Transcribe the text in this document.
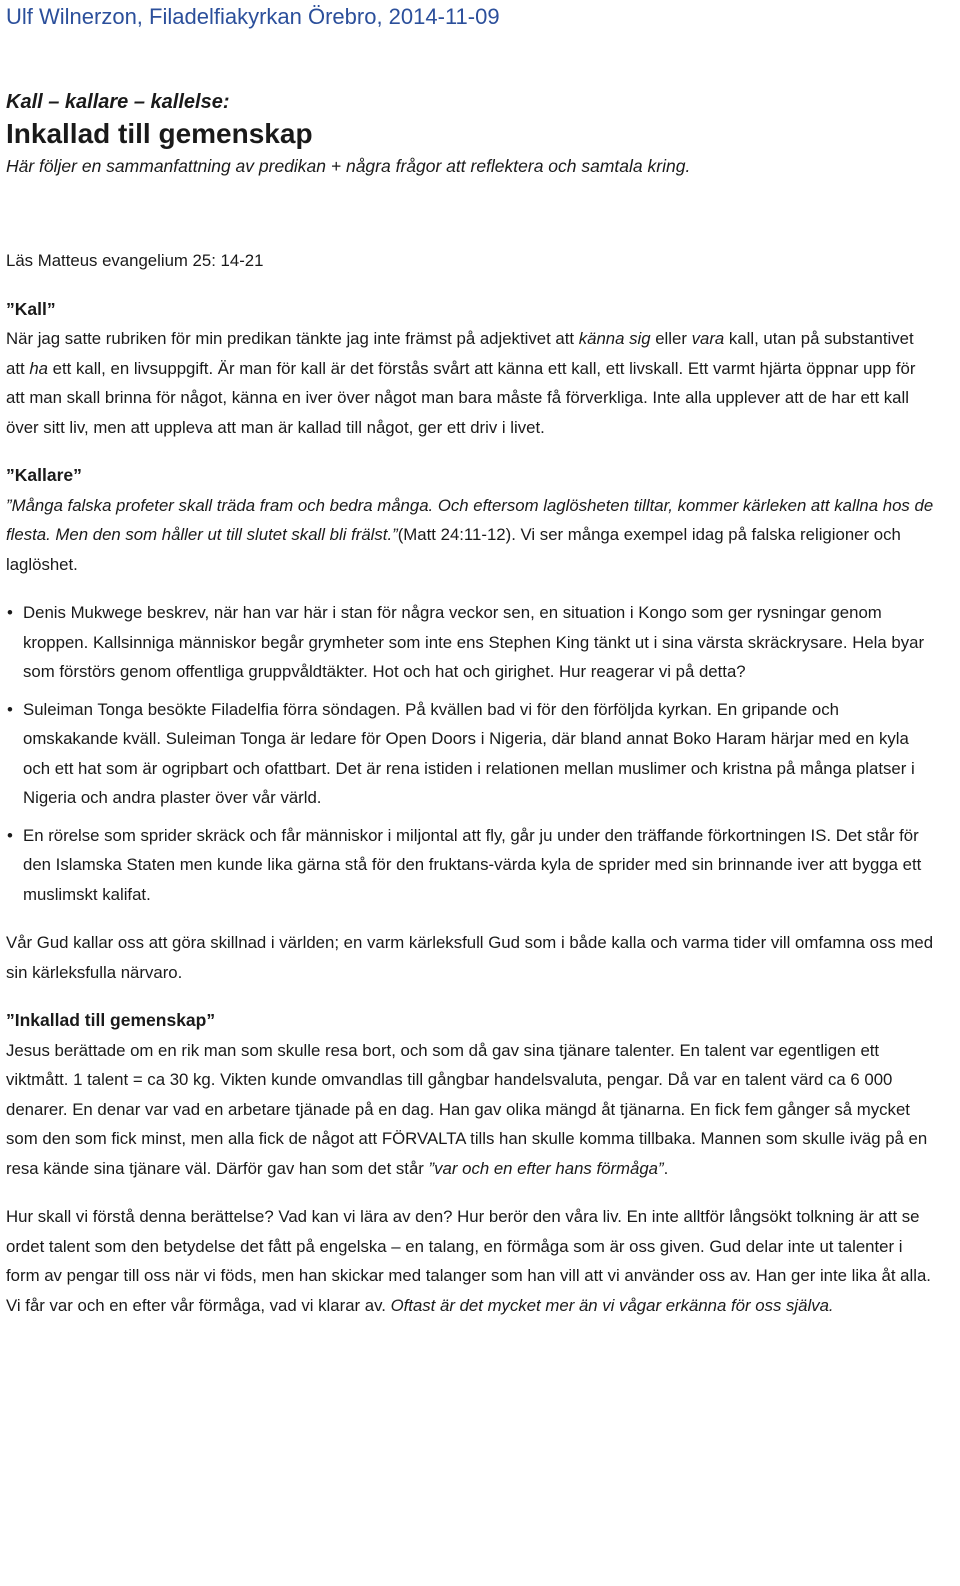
Ulf Wilnerzon, Filadelfiakyrkan Örebro, 2014-11-09

Kall – kallare – kallelse:

Inkallad till gemenskap

Här följer en sammanfattning av predikan + några frågor att reflektera och samtala kring.

Läs Matteus evangelium 25: 14-21

”Kall”

När jag satte rubriken för min predikan tänkte jag inte främst på adjektivet att känna sig eller vara kall, utan på substantivet att ha ett kall, en livsuppgift. Är man för kall är det förstås svårt att känna ett kall, ett livskall. Ett varmt hjärta öppnar upp för att man skall brinna för något, känna en iver över något man bara måste få förverkliga. Inte alla upplever att de har ett kall över sitt liv, men att uppleva att man är kallad till något, ger ett driv i livet.

”Kallare”

”Många falska profeter skall träda fram och bedra många. Och eftersom laglösheten tilltar, kommer kärleken att kallna hos de flesta. Men den som håller ut till slutet skall bli frälst.”(Matt 24:11-12). Vi ser många exempel idag på falska religioner och laglöshet.

• Denis Mukwege beskrev, när han var här i stan för några veckor sen, en situation i Kongo som ger rysningar genom kroppen. Kallsinniga människor begår grymheter som inte ens Stephen King tänkt ut i sina värsta skräckrysare. Hela byar som förstörs genom offentliga gruppvåldtäkter. Hot och hat och girighet. Hur reagerar vi på detta?
• Suleiman Tonga besökte Filadelfia förra söndagen. På kvällen bad vi för den förföljda kyrkan. En gripande och omskakande kväll. Suleiman Tonga är ledare för Open Doors i Nigeria, där bland annat Boko Haram härjar med en kyla och ett hat som är ogripbart och ofattbart. Det är rena istiden i relationen mellan muslimer och kristna på många platser i Nigeria och andra plaster över vår värld.
• En rörelse som sprider skräck och får människor i miljontal att fly, går ju under den träffande förkortningen IS. Det står för den Islamska Staten men kunde lika gärna stå för den fruktans-värda kyla de sprider med sin brinnande iver att bygga ett muslimskt kalifat.

Vår Gud kallar oss att göra skillnad i världen; en varm kärleksfull Gud som i både kalla och varma tider vill omfamna oss med sin kärleksfulla närvaro.

”Inkallad till gemenskap”

Jesus berättade om en rik man som skulle resa bort, och som då gav sina tjänare talenter. En talent var egentligen ett viktmått. 1 talent = ca 30 kg. Vikten kunde omvandlas till gångbar handelsvaluta, pengar. Då var en talent värd ca 6 000 denarer. En denar var vad en arbetare tjänade på en dag. Han gav olika mängd åt tjänarna. En fick fem gånger så mycket som den som fick minst, men alla fick de något att FÖRVALTA tills han skulle komma tillbaka. Mannen som skulle iväg på en resa kände sina tjänare väl. Därför gav han som det står ”var och en efter hans förmåga”.

Hur skall vi förstå denna berättelse? Vad kan vi lära av den? Hur berör den våra liv. En inte alltför långsökt tolkning är att se ordet talent som den betydelse det fått på engelska – en talang, en förmåga som är oss given. Gud delar inte ut talenter i form av pengar till oss när vi föds, men han skickar med talanger som han vill att vi använder oss av. Han ger inte lika åt alla. Vi får var och en efter vår förmåga, vad vi klarar av. Oftast är det mycket mer än vi vågar erkänna för oss själva.
